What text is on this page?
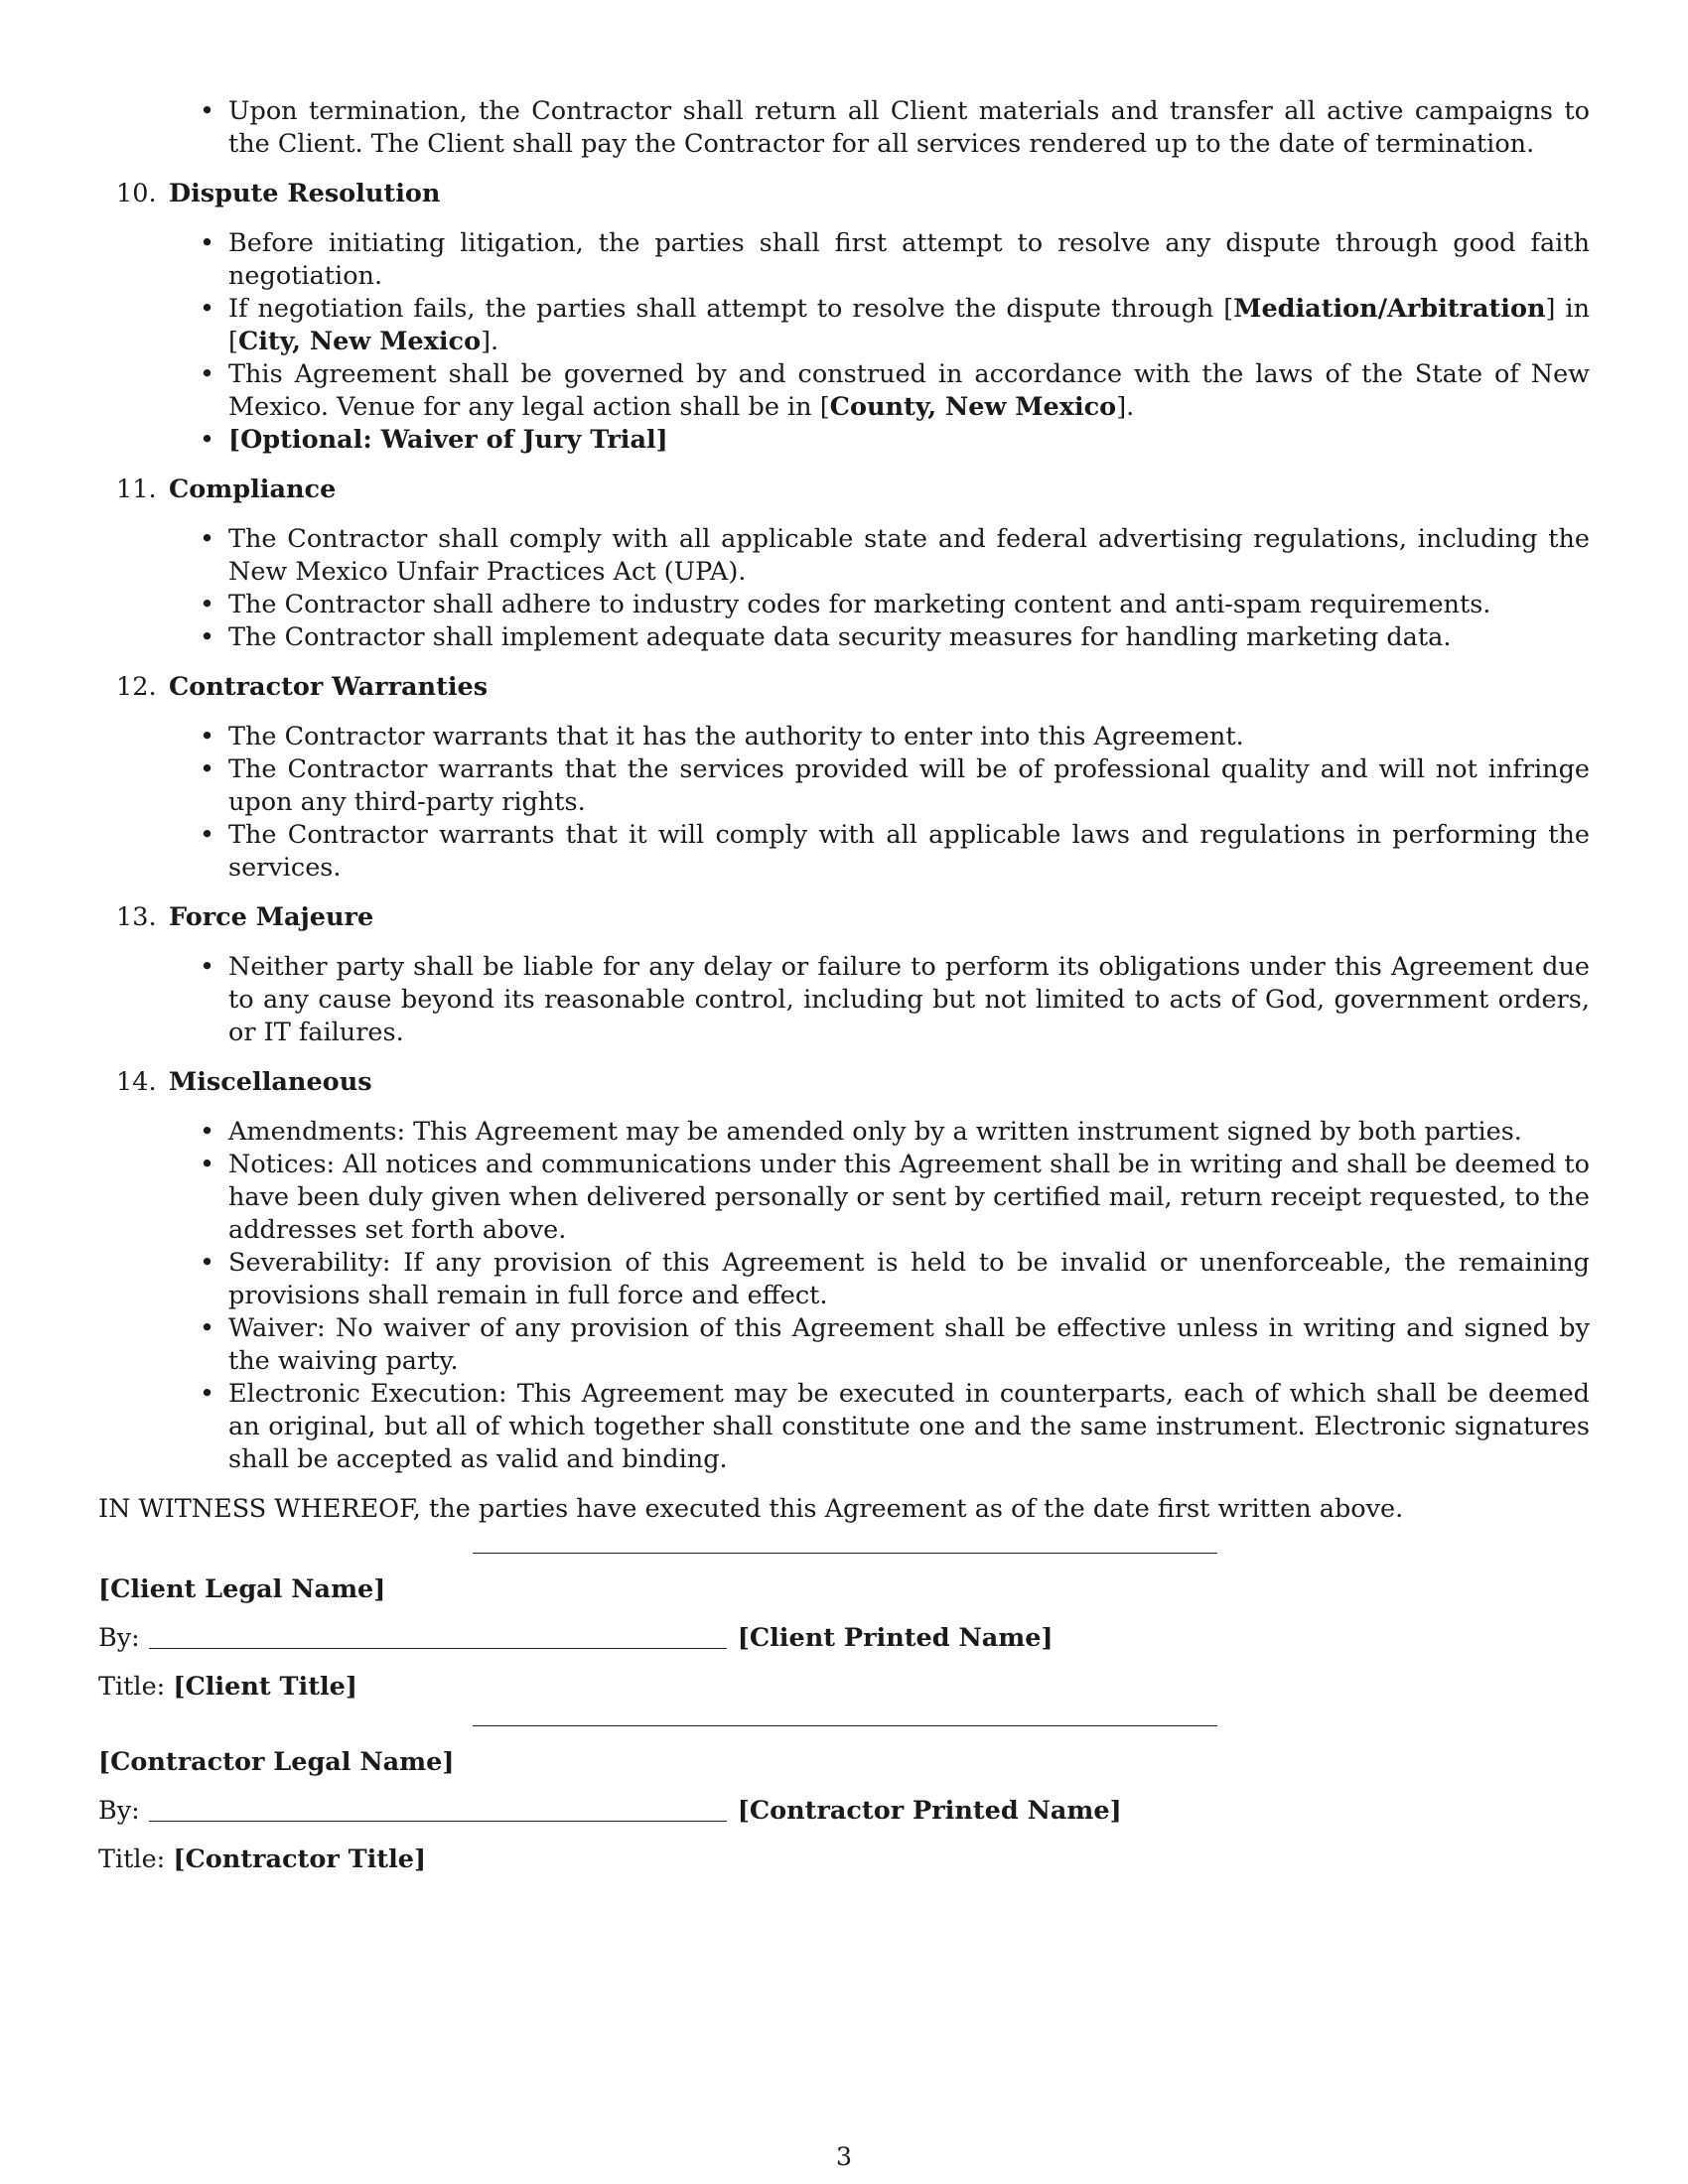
• Upon termination, the Contractor shall return all Client materials and transfer all active campaigns to the Client. The Client shall pay the Contractor for all services rendered up to the date of termination.
10. Dispute Resolution
• Before initiating litigation, the parties shall first attempt to resolve any dispute through good faith negotiation.
• If negotiation fails, the parties shall attempt to resolve the dispute through [Mediation/Arbitration] in [City, New Mexico].
• This Agreement shall be governed by and construed in accordance with the laws of the State of New Mexico. Venue for any legal action shall be in [County, New Mexico].
• [Optional: Waiver of Jury Trial]
11. Compliance
• The Contractor shall comply with all applicable state and federal advertising regulations, including the New Mexico Unfair Practices Act (UPA).
• The Contractor shall adhere to industry codes for marketing content and anti-spam requirements.
• The Contractor shall implement adequate data security measures for handling marketing data.
12. Contractor Warranties
• The Contractor warrants that it has the authority to enter into this Agreement.
• The Contractor warrants that the services provided will be of professional quality and will not infringe upon any third-party rights.
• The Contractor warrants that it will comply with all applicable laws and regulations in performing the services.
13. Force Majeure
• Neither party shall be liable for any delay or failure to perform its obligations under this Agreement due to any cause beyond its reasonable control, including but not limited to acts of God, government orders, or IT failures.
14. Miscellaneous
• Amendments: This Agreement may be amended only by a written instrument signed by both parties.
• Notices: All notices and communications under this Agreement shall be in writing and shall be deemed to have been duly given when delivered personally or sent by certified mail, return receipt requested, to the addresses set forth above.
• Severability: If any provision of this Agreement is held to be invalid or unenforceable, the remaining provisions shall remain in full force and effect.
• Waiver: No waiver of any provision of this Agreement shall be effective unless in writing and signed by the waiving party.
• Electronic Execution: This Agreement may be executed in counterparts, each of which shall be deemed an original, but all of which together shall constitute one and the same instrument. Electronic signatures shall be accepted as valid and binding.
IN WITNESS WHEREOF, the parties have executed this Agreement as of the date first written above.
[Client Legal Name]
By:	[Client Printed Name]
Title: [Client Title]
[Contractor Legal Name]
By:	[Contractor Printed Name]
Title: [Contractor Title]
3
